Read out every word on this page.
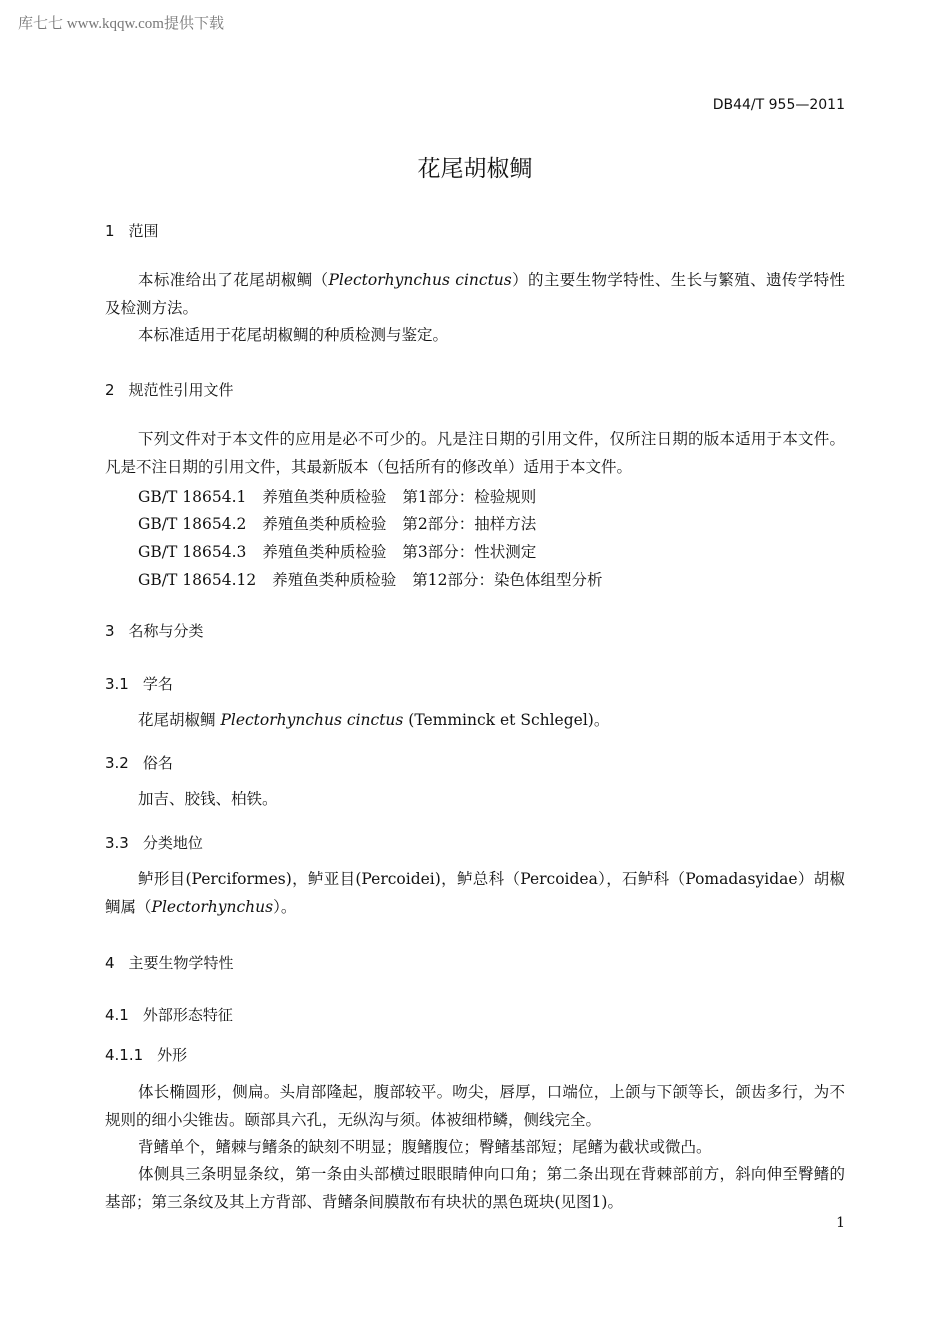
库七七 www.kqqw.com提供下载
DB44/T 955—2011
花尾胡椒鲷
1 范围
本标准给出了花尾胡椒鲷（Plectorhynchus cinctus）的主要生物学特性、生长与繁殖、遗传学特性及检测方法。
本标准适用于花尾胡椒鲷的种质检测与鉴定。
2 规范性引用文件
下列文件对于本文件的应用是必不可少的。凡是注日期的引用文件，仅所注日期的版本适用于本文件。凡是不注日期的引用文件，其最新版本（包括所有的修改单）适用于本文件。
GB/T 18654.1 养殖鱼类种质检验 第1部分：检验规则
GB/T 18654.2 养殖鱼类种质检验 第2部分：抽样方法
GB/T 18654.3 养殖鱼类种质检验 第3部分：性状测定
GB/T 18654.12 养殖鱼类种质检验 第12部分：染色体组型分析
3 名称与分类
3.1 学名
花尾胡椒鲷 Plectorhynchus cinctus (Temminck et Schlegel)。
3.2 俗名
加吉、胶钱、柏铁。
3.3 分类地位
鲈形目(Perciformes)，鲈亚目(Percoidei)，鲈总科（Percoidea），石鲈科（Pomadasyidae）胡椒鲷属（Plectorhynchus）。
4 主要生物学特性
4.1 外部形态特征
4.1.1 外形
体长椭圆形，侧扁。头肩部隆起，腹部较平。吻尖，唇厚，口端位，上颌与下颌等长，颌齿多行，为不规则的细小尖锥齿。颐部具六孔，无纵沟与须。体被细栉鳞，侧线完全。
背鳍单个，鳍棘与鳍条的缺刻不明显；腹鳍腹位；臀鳍基部短；尾鳍为截状或微凸。
体侧具三条明显条纹，第一条由头部横过眼眼睛伸向口角；第二条出现在背棘部前方，斜向伸至臀鳍的基部；第三条纹及其上方背部、背鳍条间膜散布有块状的黑色斑块(见图1)。
1
